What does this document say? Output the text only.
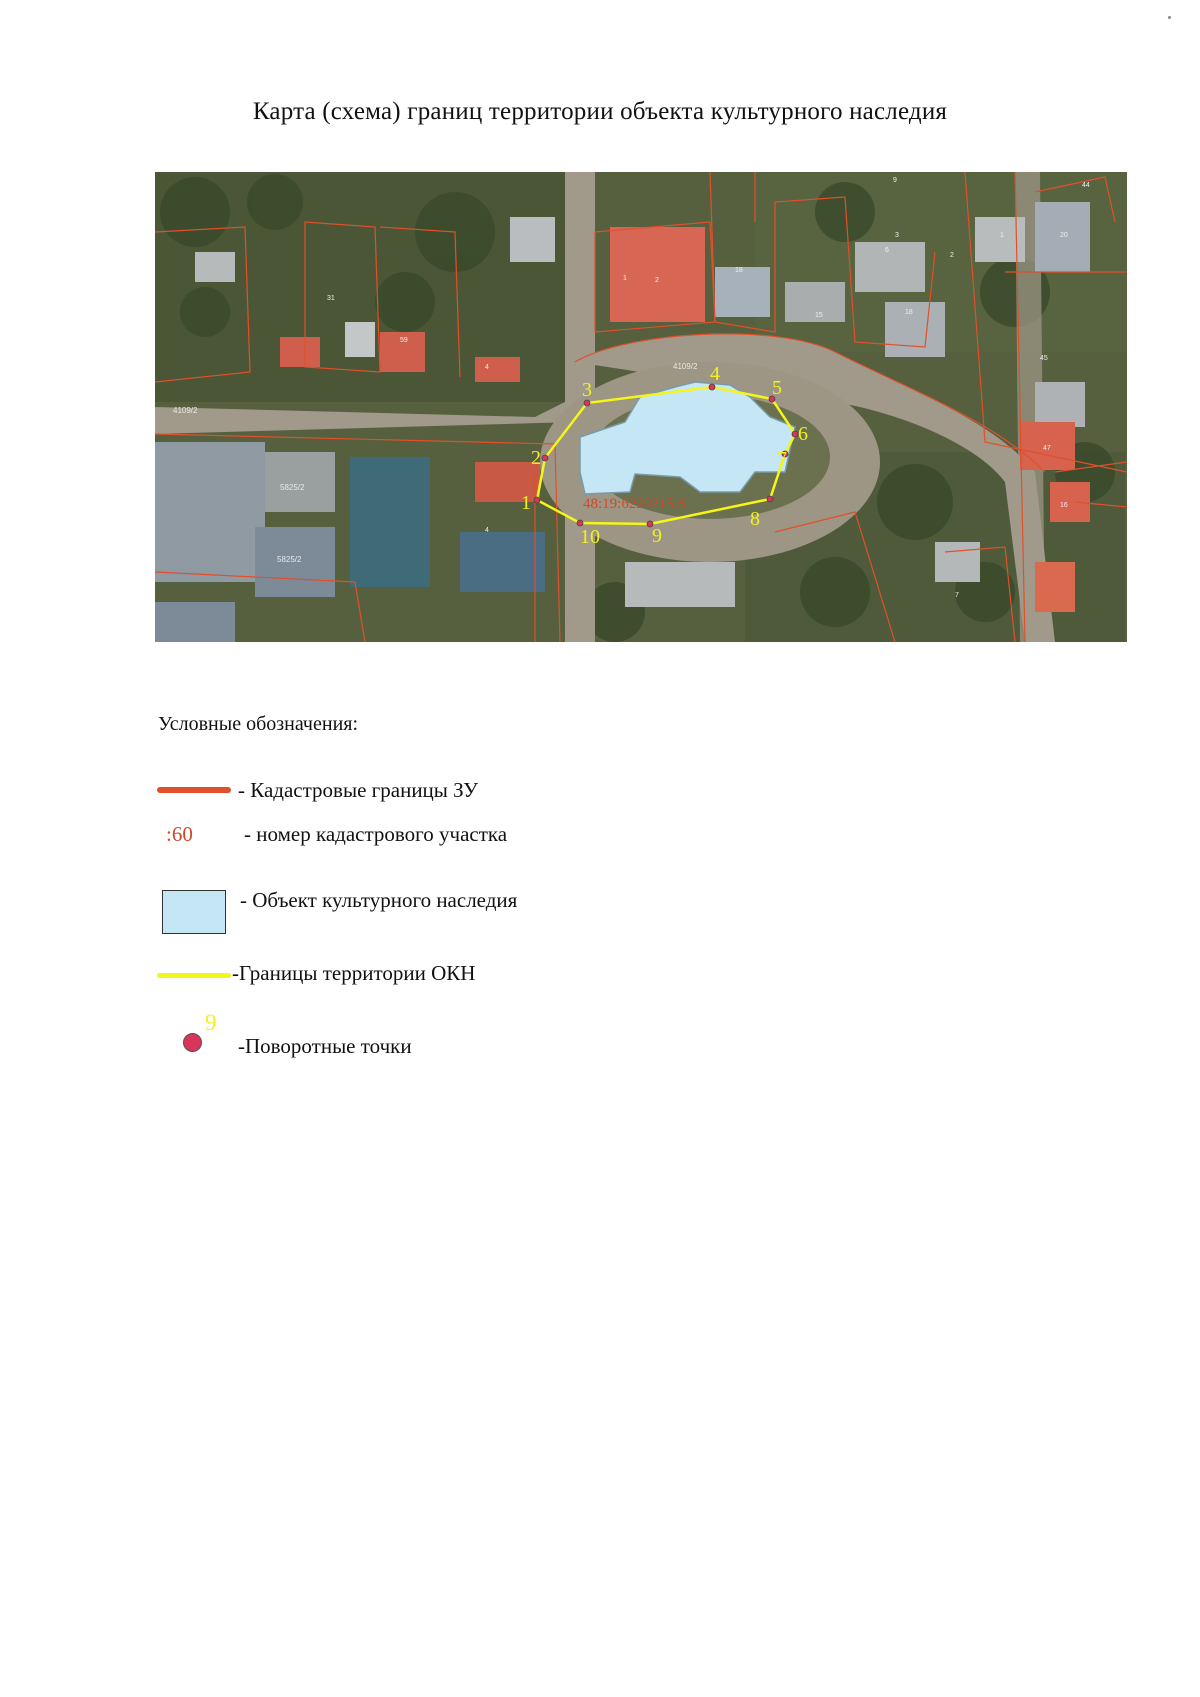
Карта (схема) границ территории объекта культурного наследия
1
2
3
4
5
6
7
8
9
10
48:19:6220215:8
4109/2
4109/2
5825/2
5825/2
2
1
18
15
59
31
4
4
7
44
45
47
16
9
6
3
2
1	20
18
Условные обозначения:
- Кадастровые границы ЗУ
:60 - номер кадастрового участка
- Объект культурного наследия
-Границы территории ОКН
9
-Поворотные точки
